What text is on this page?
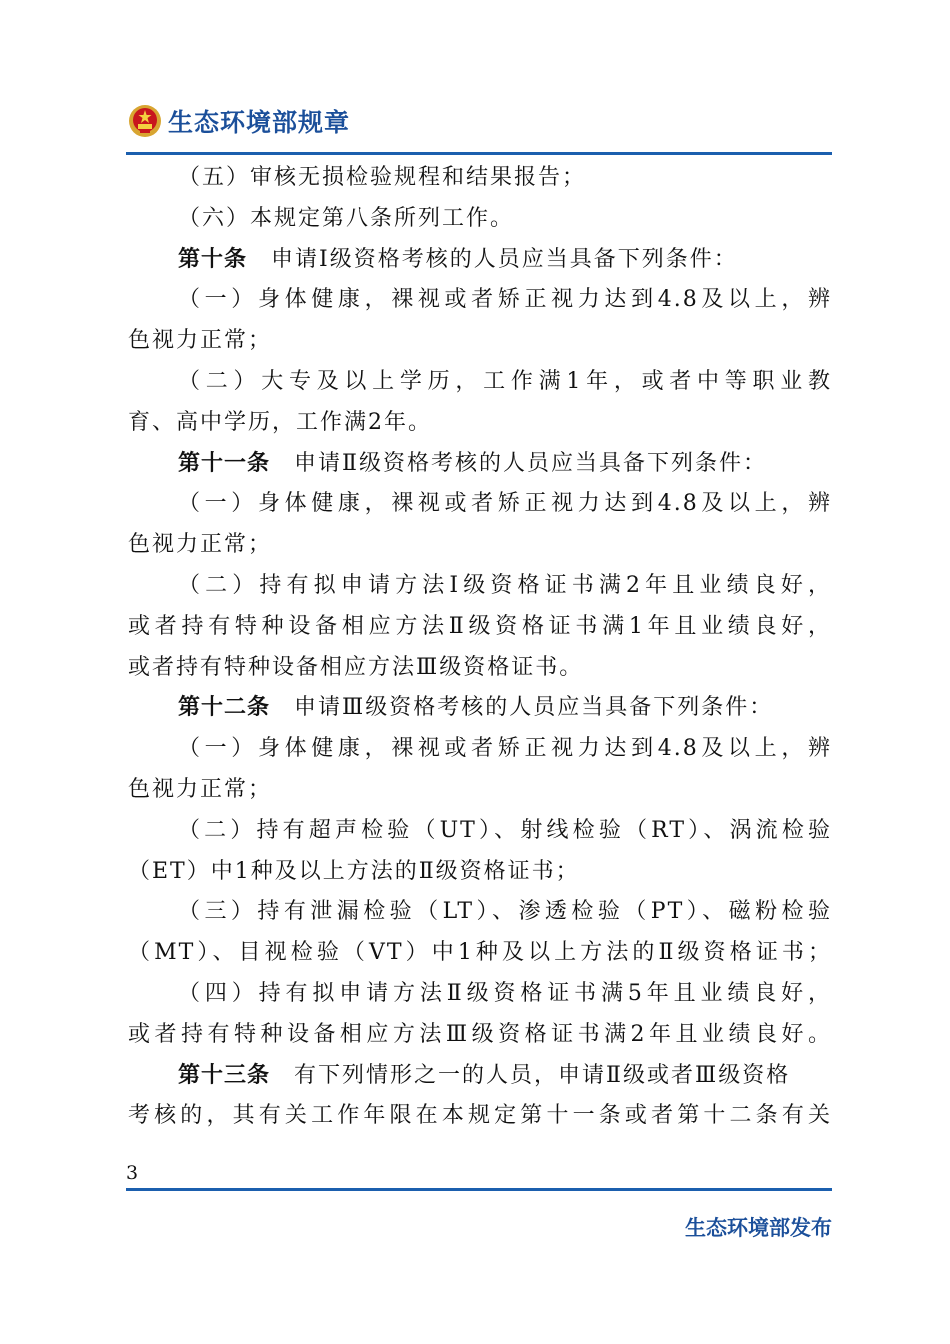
生态环境部规章
（五）审核无损检验规程和结果报告；
（六）本规定第八条所列工作。
第十条　 申请Ⅰ级资格考核的人员应当具备下列条件：
（一）身体健康，裸视或者矫正视力达到4.8及以上，辨
色视力正常；
（二）大专及以上学历，工作满1年，或者中等职业教
育、高中学历，工作满2年。
第十一条　 申请Ⅱ级资格考核的人员应当具备下列条件：
（一）身体健康，裸视或者矫正视力达到4.8及以上，辨
色视力正常；
（二）持有拟申请方法Ⅰ级资格证书满2年且业绩良好，
或者持有特种设备相应方法Ⅱ级资格证书满1年且业绩良好，
或者持有特种设备相应方法Ⅲ级资格证书。
第十二条　 申请Ⅲ级资格考核的人员应当具备下列条件：
（一）身体健康，裸视或者矫正视力达到4.8及以上，辨
色视力正常；
（二）持有超声检验（UT）、射线检验（RT）、涡流检验
（ET）中1种及以上方法的Ⅱ级资格证书；
（三）持有泄漏检验（LT）、渗透检验（PT）、磁粉检验
（MT）、目视检验（VT）中1种及以上方法的Ⅱ级资格证书；
（四）持有拟申请方法Ⅱ级资格证书满5年且业绩良好，
或者持有特种设备相应方法Ⅲ级资格证书满2年且业绩良好。
第十三条　 有下列情形之一的人员，申请Ⅱ级或者Ⅲ级资格
考核的，其有关工作年限在本规定第十一条或者第十二条有关
3
生态环境部发布
